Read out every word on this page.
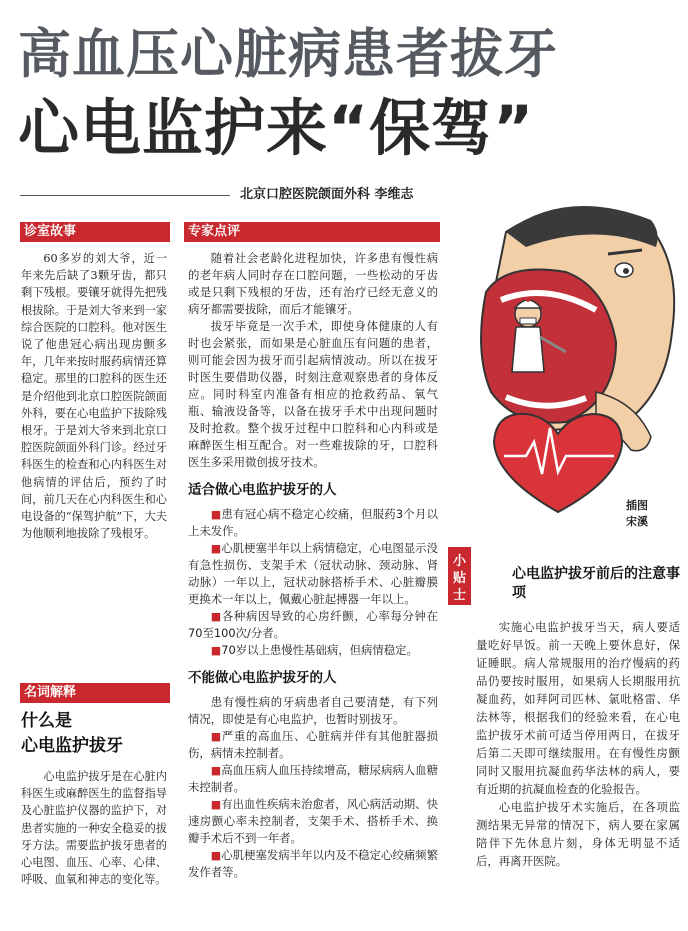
高血压心脏病患者拔牙
心电监护来“保驾”
北京口腔医院颌面外科 李维志
诊室故事

60多岁的刘大爷，近一年来先后缺了3颗牙齿，都只剩下残根。要镶牙就得先把残根拔除。于是刘大爷来到一家综合医院的口腔科。他对医生说了他患冠心病出现房颤多年，几年来按时服药病情还算稳定。那里的口腔科的医生还是介绍他到北京口腔医院颌面外科，要在心电监护下拔除残根牙。于是刘大爷来到北京口腔医院颌面外科门诊。经过牙科医生的检查和心内科医生对他病情的评估后，预约了时间，前几天在心内科医生和心电设备的“保驾护航”下，大夫为他顺利地拔除了残根牙。

名词解释
什么是
心电监护拔牙

心电监护拔牙是在心脏内科医生或麻醉医生的监督指导及心脏监护仪器的监护下，对患者实施的一种安全稳妥的拔牙方法。需要监护拔牙患者的心电图、血压、心率、心律、呼吸、血氧和神志的变化等。

专家点评

随着社会老龄化进程加快，许多患有慢性病的老年病人同时存在口腔问题，一些松动的牙齿或是只剩下残根的牙齿，还有治疗已经无意义的病牙都需要拔除，而后才能镶牙。

拔牙毕竟是一次手术，即使身体健康的人有时也会紧张，而如果是心脏血压有问题的患者，则可能会因为拔牙而引起病情波动。所以在拔牙时医生要借助仪器，时刻注意观察患者的身体反应。同时科室内准备有相应的抢救药品、氧气瓶、输液设备等，以备在拔牙手术中出现问题时及时抢救。整个拔牙过程中口腔科和心内科或是麻醉医生相互配合。对一些难拔除的牙，口腔科医生多采用微创拔牙技术。

适合做心电监护拔牙的人

■患有冠心病不稳定心绞痛，但服药3个月以上未发作。

■心肌梗塞半年以上病情稳定，心电图显示没有急性损伤、支架手术（冠状动脉、颈动脉、肾动脉）一年以上，冠状动脉搭桥手术、心脏瓣膜更换术一年以上，佩戴心脏起搏器一年以上。

■各种病因导致的心房纤颤，心率每分钟在70至100次/分者。

■70岁以上患慢性基础病，但病情稳定。

不能做心电监护拔牙的人

患有慢性病的牙病患者自己要清楚，有下列情况，即使是有心电监护，也暂时别拔牙。

■严重的高血压、心脏病并伴有其他脏器损伤，病情未控制者。

■高血压病人血压持续增高，糖尿病病人血糖未控制者。

■有出血性疾病未治愈者，风心病活动期、快速房颤心率未控制者，支架手术、搭桥手术、换瓣手术后不到一年者。

■心肌梗塞发病半年以内及不稳定心绞痛频繁发作者等。

插图
宋溪
小
贴士
心电监护拔牙前后的注意事项

实施心电监护拔牙当天，病人要适量吃好早饭。前一天晚上要休息好，保证睡眠。病人常规服用的治疗慢病的药品仍要按时服用，如果病人长期服用抗凝血药，如拜阿司匹林、氯吡格雷、华法林等，根据我们的经验来看，在心电监护拔牙术前可适当停用两日，在拔牙后第二天即可继续服用。在有慢性房颤同时又服用抗凝血药华法林的病人，要有近期的抗凝血检查的化验报告。

心电监护拔牙术实施后，在各项监测结果无异常的情况下，病人要在家属陪伴下先休息片刻，身体无明显不适后，再离开医院。
